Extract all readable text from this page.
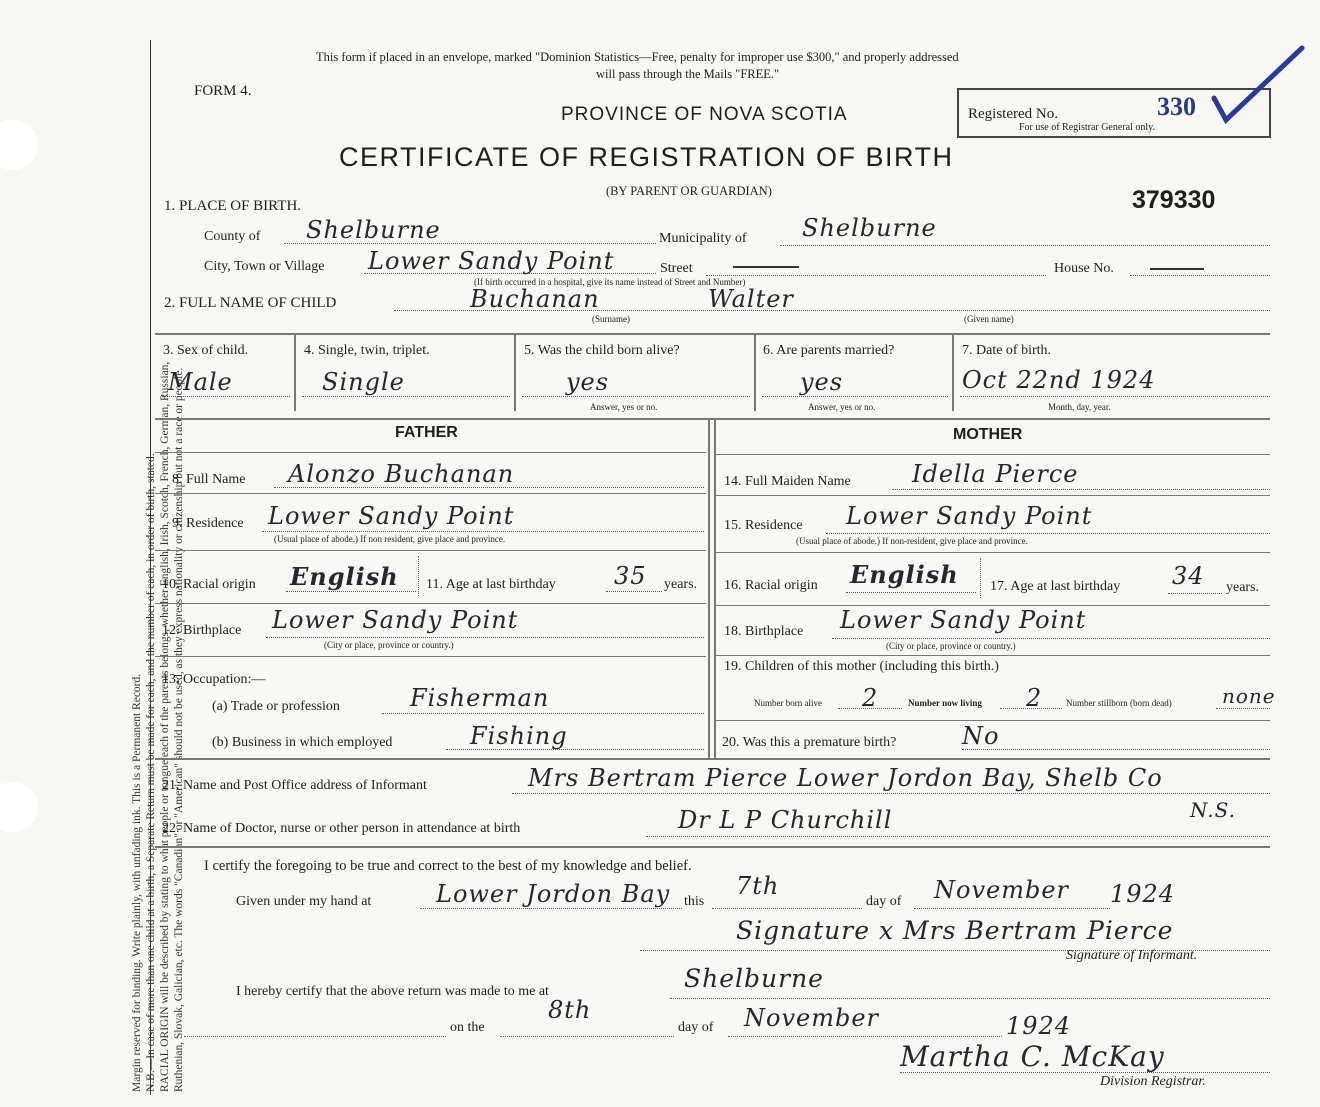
Margin reserved for binding. Write plainly, with unfading ink. This is a Permanent Record. N.B.—In case of more than one child at a birth, a Separate Return must be made for each, and the number of each, in order of birth, stated. RACIAL ORIGIN will be described by stating to what people or tongue each of the parents belongs, whether English, Irish, Scotch, French, German, Russian, Ruthenian, Slovak, Galician, etc. The words "Canadian" or "American" should not be used, as they express nationality or citizenship but not a race or people.
This form if placed in an envelope, marked "Dominion Statistics—Free, penalty for improper use $300," and properly addressed
will pass through the Mails "FREE."
FORM 4.
PROVINCE OF NOVA SCOTIA	Registered No.	330
For use of Registrar General only.
CERTIFICATE OF REGISTRATION OF BIRTH
(BY PARENT OR GUARDIAN)	379330
1. PLACE OF BIRTH.
County of Shelburne	Municipality of Shelburne
City, Town or Village Lower Sandy Point	Street	House No.
(If birth occurred in a hospital, give its name instead of Street and Number)
2. FULL NAME OF CHILD	Buchanan	Walter
(Surname)	(Given name)
3. Sex of child.
Male
4. Single, twin, triplet.
Single
5. Was the child born alive?
yes
Answer, yes or no.
6. Are parents married?
yes
Answer, yes or no.
7. Date of birth.
Oct 22nd 1924
Month, day, year.
FATHER	MOTHER
8. Full Name Alonzo Buchanan
9. Residence Lower Sandy Point
(Usual place of abode.) If non resident, give place and province.
10. Racial origin English 11. Age at last birthday 35 years.
12. Birthplace Lower Sandy Point
(City or place, province or country.)
13. Occupation:—
(a) Trade or profession	Fisherman
(b) Business in which employed	Fishing
14. Full Maiden Name	Idella Pierce
15. Residence Lower Sandy Point
(Usual place of abode.) If non-resident, give place and province.
16. Racial origin English 17. Age at last birthday 34 years.
18. Birthplace Lower Sandy Point
(City or place, province or country.)
19. Children of this mother (including this birth.)
Number born alive 2	Number now living 2	Number stillborn (born dead)	none
20. Was this a premature birth?	No
21. Name and Post Office address of Informant	Mrs Bertram Pierce Lower Jordon Bay, Shelb Co
N.S.
22. Name of Doctor, nurse or other person in attendance at birth	Dr L P Churchill
I certify the foregoing to be true and correct to the best of my knowledge and belief.
Given under my hand at	Lower Jordon Bay this
7th
day of November 1924
Signature x Mrs Bertram Pierce
Signature of Informant.
I hereby certify that the above return was made to me at	Shelburne
on the
8th
day of November	1924
Martha C. McKay
Division Registrar.
